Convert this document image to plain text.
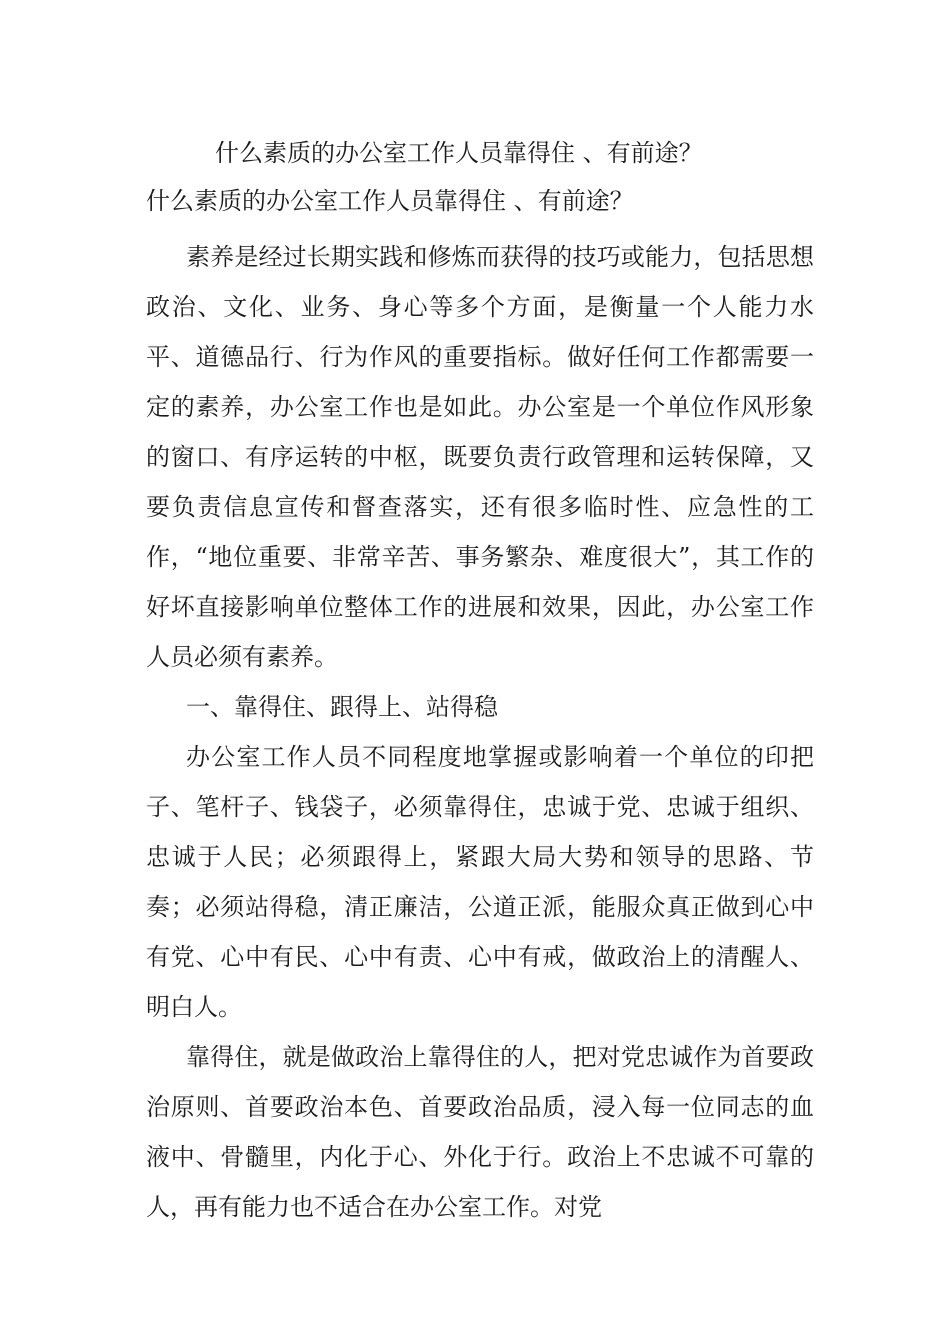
什么素质的办公室工作人员靠得住 、有前途？
什么素质的办公室工作人员靠得住 、有前途？

素养是经过长期实践和修炼而获得的技巧或能力，包括思想政治、文化、业务、身心等多个方面，是衡量一个人能力水平、道德品行、行为作风的重要指标。做好任何工作都需要一定的素养，办公室工作也是如此。办公室是一个单位作风形象的窗口、有序运转的中枢，既要负责行政管理和运转保障，又要负责信息宣传和督查落实，还有很多临时性、应急性的工作，“地位重要、非常辛苦、事务繁杂、难度很大”，其工作的好坏直接影响单位整体工作的进展和效果，因此，办公室工作人员必须有素养。

一、靠得住、跟得上、站得稳

办公室工作人员不同程度地掌握或影响着一个单位的印把子、笔杆子、钱袋子，必须靠得住，忠诚于党、忠诚于组织、忠诚于人民；必须跟得上，紧跟大局大势和领导的思路、节奏；必须站得稳，清正廉洁，公道正派，能服众真正做到心中有党、心中有民、心中有责、心中有戒，做政治上的清醒人、明白人。

靠得住，就是做政治上靠得住的人，把对党忠诚作为首要政治原则、首要政治本色、首要政治品质，浸入每一位同志的血液中、骨髓里，内化于心、外化于行。政治上不忠诚不可靠的人，再有能力也不适合在办公室工作。对党
